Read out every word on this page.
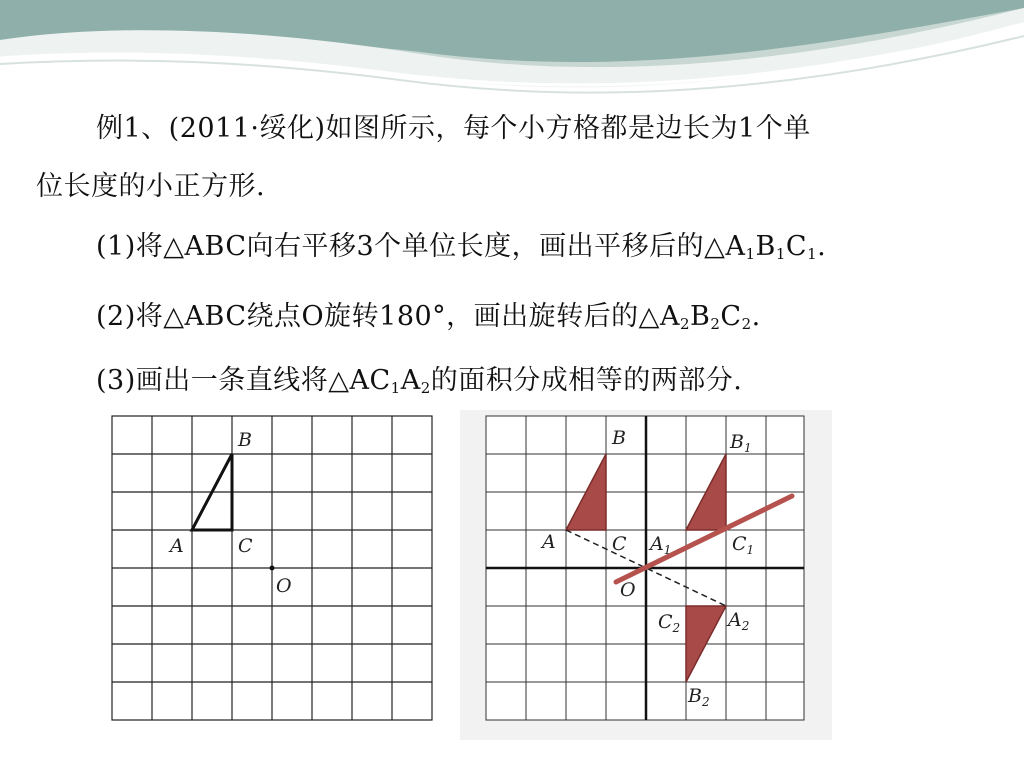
例1、(2011·绥化)如图所示，每个小方格都是边长为1个单
位长度的小正方形.
(1)将△ABC向右平移3个单位长度，画出平移后的$\triangle A_1B_1C_1$.
(2)将△ABC绕点O旋转180°，画出旋转后的$\triangle A_2B_2C_2$.
(3)画出一条直线将$\triangle AC_1A_2$的面积分成相等的两部分.
B
A	C
O
B
A	C
O
$B_1$
$A_1$	$C_1$
$A_2$
$C_2$
$B_2$
